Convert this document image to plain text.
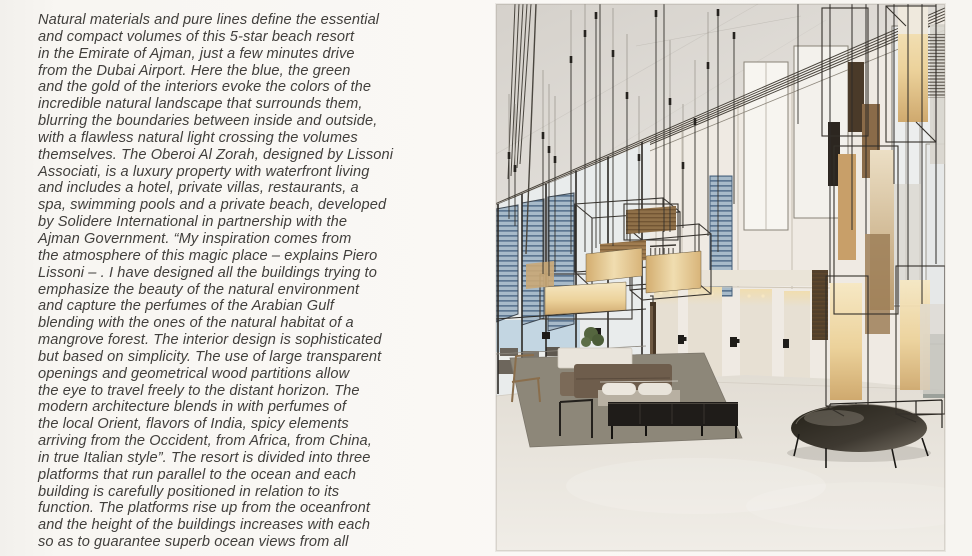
Natural materials and pure lines define the essential
and compact volumes of this 5-star beach resort
in the Emirate of Ajman, just a few minutes drive
from the Dubai Airport. Here the blue, the green
and the gold of the interiors evoke the colors of the
incredible natural landscape that surrounds them,
blurring the boundaries between inside and outside,
with a flawless natural light crossing the volumes
themselves. The Oberoi Al Zorah, designed by Lissoni
Associati, is a luxury property with waterfront living
and includes a hotel, private villas, restaurants, a
spa, swimming pools and a private beach, developed
by Solidere International in partnership with the
Ajman Government. “My inspiration comes from
the atmosphere of this magic place – explains Piero
Lissoni – . I have designed all the buildings trying to
emphasize the beauty of the natural environment
and capture the perfumes of the Arabian Gulf
blending with the ones of the natural habitat of a
mangrove forest. The interior design is sophisticated
but based on simplicity. The use of large transparent
openings and geometrical wood partitions allow
the eye to travel freely to the distant horizon. The
modern architecture blends in with perfumes of
the local Orient, flavors of India, spicy elements
arriving from the Occident, from Africa, from China,
in true Italian style”. The resort is divided into three
platforms that run parallel to the ocean and each
building is carefully positioned in relation to its
function. The platforms rise up from the oceanfront
and the height of the buildings increases with each
so as to guarantee superb ocean views from all
